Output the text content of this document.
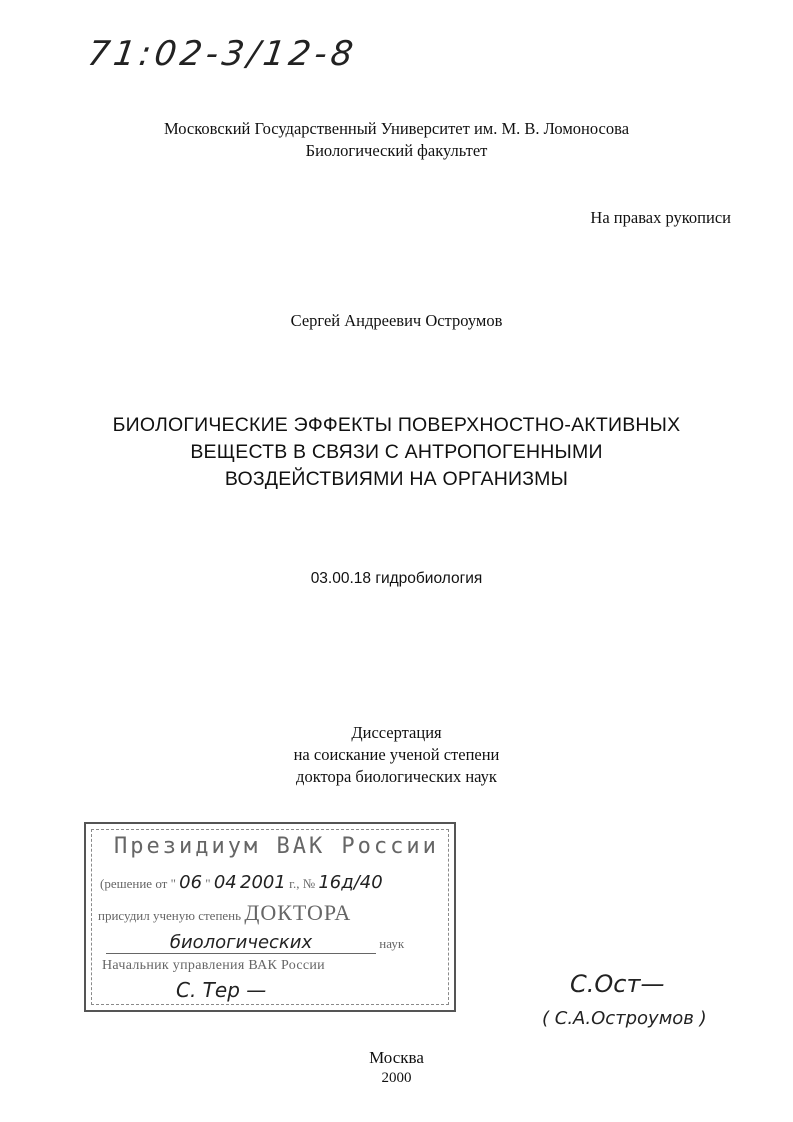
71:02-3/12-8
Московский Государственный Университет им. М. В. Ломоносова
Биологический факультет
На правах рукописи
Сергей Андреевич Остроумов
БИОЛОГИЧЕСКИЕ ЭФФЕКТЫ ПОВЕРХНОСТНО-АКТИВНЫХ
ВЕЩЕСТВ В СВЯЗИ С АНТРОПОГЕННЫМИ
ВОЗДЕЙСТВИЯМИ НА ОРГАНИЗМЫ
03.00.18 гидробиология
Диссертация
на соискание ученой степени
доктора биологических наук
Президиум ВАК России
(решение от " 06 " 04 2001 г., № 16д/40
присудил ученую степень ДОКТОРА
биологических	наук
Начальник управления ВАК России
С. Тер —	С.Ост—
( С.А.Остроумов )
Москва
2000
